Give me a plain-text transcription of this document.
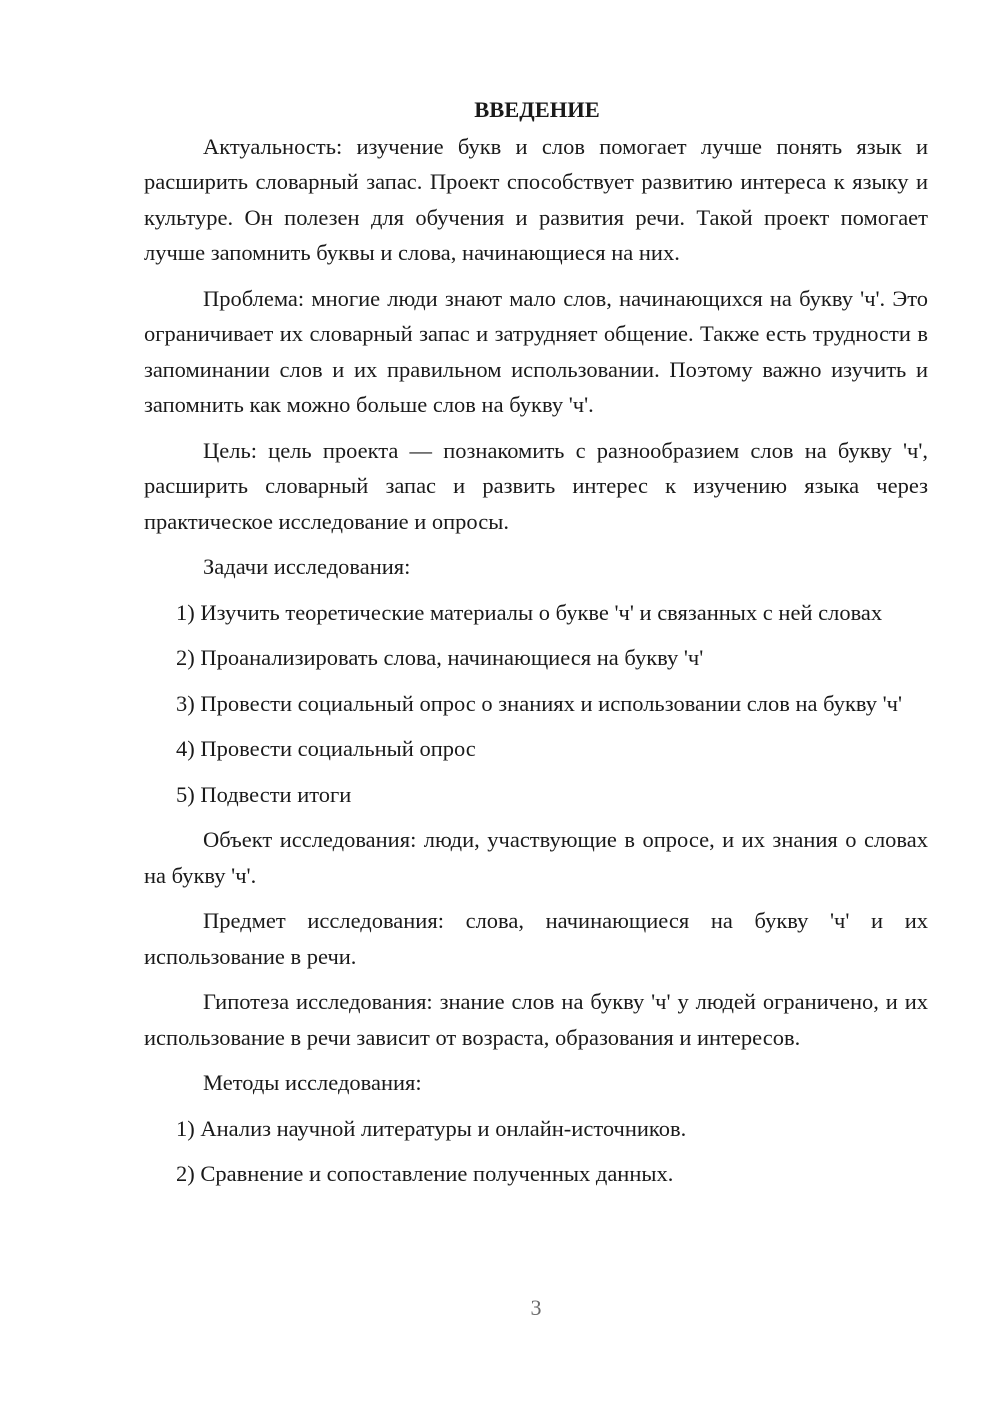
ВВЕДЕНИЕ

Актуальность: изучение букв и слов помогает лучше понять язык и расширить словарный запас. Проект способствует развитию интереса к языку и культуре. Он полезен для обучения и развития речи. Такой проект помогает лучше запомнить буквы и слова, начинающиеся на них.

Проблема: многие люди знают мало слов, начинающихся на букву 'ч'. Это ограничивает их словарный запас и затрудняет общение. Также есть трудности в запоминании слов и их правильном использовании. Поэтому важно изучить и запомнить как можно больше слов на букву 'ч'.

Цель: цель проекта — познакомить с разнообразием слов на букву 'ч', расширить словарный запас и развить интерес к изучению языка через практическое исследование и опросы.

Задачи исследования:

1) Изучить теоретические материалы о букве 'ч' и связанных с ней словах

2) Проанализировать слова, начинающиеся на букву 'ч'

3) Провести социальный опрос о знаниях и использовании слов на букву 'ч'

4) Провести социальный опрос

5) Подвести итоги

Объект исследования: люди, участвующие в опросе, и их знания о словах на букву 'ч'.

Предмет исследования: слова, начинающиеся на букву 'ч' и их использование в речи.

Гипотеза исследования: знание слов на букву 'ч' у людей ограничено, и их использование в речи зависит от возраста, образования и интересов.

Методы исследования:

1) Анализ научной литературы и онлайн-источников.

2) Сравнение и сопоставление полученных данных.

3
